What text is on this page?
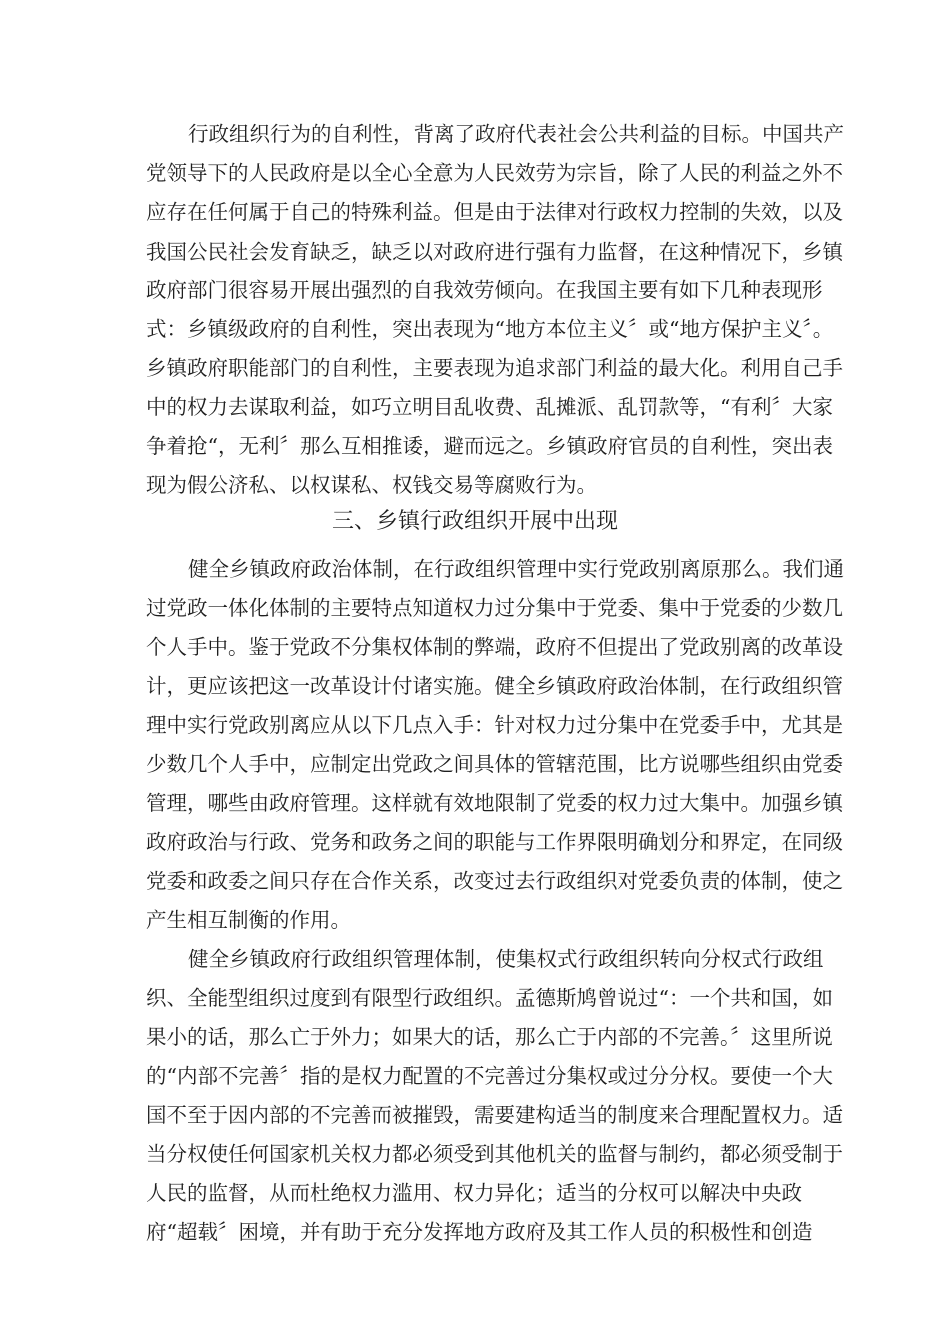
行政组织行为的自利性，背离了政府代表社会公共利益的目标。中国共产
党领导下的人民政府是以全心全意为人民效劳为宗旨，除了人民的利益之外不
应存在任何属于自己的特殊利益。但是由于法律对行政权力控制的失效，以及
我国公民社会发育缺乏，缺乏以对政府进行强有力监督，在这种情况下，乡镇
政府部门很容易开展出强烈的自我效劳倾向。在我国主要有如下几种表现形
式：乡镇级政府的自利性，突出表现为“地方本位主义〞或“地方保护主义〞。
乡镇政府职能部门的自利性，主要表现为追求部门利益的最大化。利用自己手
中的权力去谋取利益，如巧立明目乱收费、乱摊派、乱罚款等，“有利〞大家
争着抢“，无利〞那么互相推诿，避而远之。乡镇政府官员的自利性，突出表
现为假公济私、以权谋私、权钱交易等腐败行为。
三、乡镇行政组织开展中出现
健全乡镇政府政治体制，在行政组织管理中实行党政别离原那么。我们通
过党政一体化体制的主要特点知道权力过分集中于党委、集中于党委的少数几
个人手中。鉴于党政不分集权体制的弊端，政府不但提出了党政别离的改革设
计，更应该把这一改革设计付诸实施。健全乡镇政府政治体制，在行政组织管
理中实行党政别离应从以下几点入手：针对权力过分集中在党委手中，尤其是
少数几个人手中，应制定出党政之间具体的管辖范围，比方说哪些组织由党委
管理，哪些由政府管理。这样就有效地限制了党委的权力过大集中。加强乡镇
政府政治与行政、党务和政务之间的职能与工作界限明确划分和界定，在同级
党委和政委之间只存在合作关系，改变过去行政组织对党委负责的体制，使之
产生相互制衡的作用。
健全乡镇政府行政组织管理体制，使集权式行政组织转向分权式行政组
织、全能型组织过度到有限型行政组织。孟德斯鸠曾说过“：一个共和国，如
果小的话，那么亡于外力；如果大的话，那么亡于内部的不完善。〞这里所说
的“内部不完善〞指的是权力配置的不完善过分集权或过分分权。要使一个大
国不至于因内部的不完善而被摧毁，需要建构适当的制度来合理配置权力。适
当分权使任何国家机关权力都必须受到其他机关的监督与制约，都必须受制于
人民的监督，从而杜绝权力滥用、权力异化；适当的分权可以解决中央政
府“超载〞困境，并有助于充分发挥地方政府及其工作人员的积极性和创造
